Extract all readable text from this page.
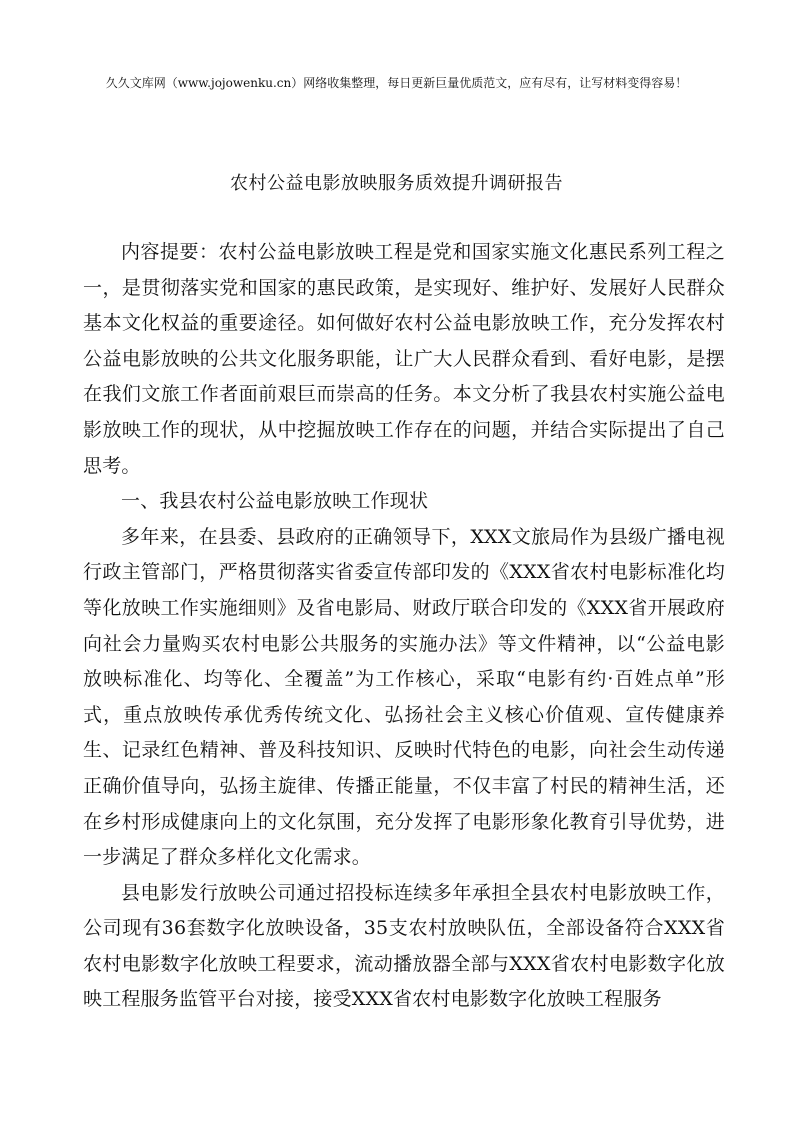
久久文库网（www.jojowenku.cn）网络收集整理，每日更新巨量优质范文，应有尽有，让写材料变得容易！
农村公益电影放映服务质效提升调研报告

内容提要：农村公益电影放映工程是党和国家实施文化惠民系列工程之一，是贯彻落实党和国家的惠民政策，是实现好、维护好、发展好人民群众基本文化权益的重要途径。如何做好农村公益电影放映工作，充分发挥农村公益电影放映的公共文化服务职能，让广大人民群众看到、看好电影，是摆在我们文旅工作者面前艰巨而崇高的任务。本文分析了我县农村实施公益电影放映工作的现状，从中挖掘放映工作存在的问题，并结合实际提出了自己思考。

一、我县农村公益电影放映工作现状

多年来，在县委、县政府的正确领导下，XXX文旅局作为县级广播电视行政主管部门，严格贯彻落实省委宣传部印发的《XXX省农村电影标准化均等化放映工作实施细则》及省电影局、财政厅联合印发的《XXX省开展政府向社会力量购买农村电影公共服务的实施办法》等文件精神，以“公益电影放映标准化、均等化、全覆盖”为工作核心，采取“电影有约·百姓点单”形式，重点放映传承优秀传统文化、弘扬社会主义核心价值观、宣传健康养生、记录红色精神、普及科技知识、反映时代特色的电影，向社会生动传递正确价值导向，弘扬主旋律、传播正能量，不仅丰富了村民的精神生活，还在乡村形成健康向上的文化氛围，充分发挥了电影形象化教育引导优势，进一步满足了群众多样化文化需求。

县电影发行放映公司通过招投标连续多年承担全县农村电影放映工作，公司现有36套数字化放映设备，35支农村放映队伍，全部设备符合XXX省农村电影数字化放映工程要求，流动播放器全部与XXX省农村电影数字化放映工程服务监管平台对接，接受XXX省农村电影数字化放映工程服务
